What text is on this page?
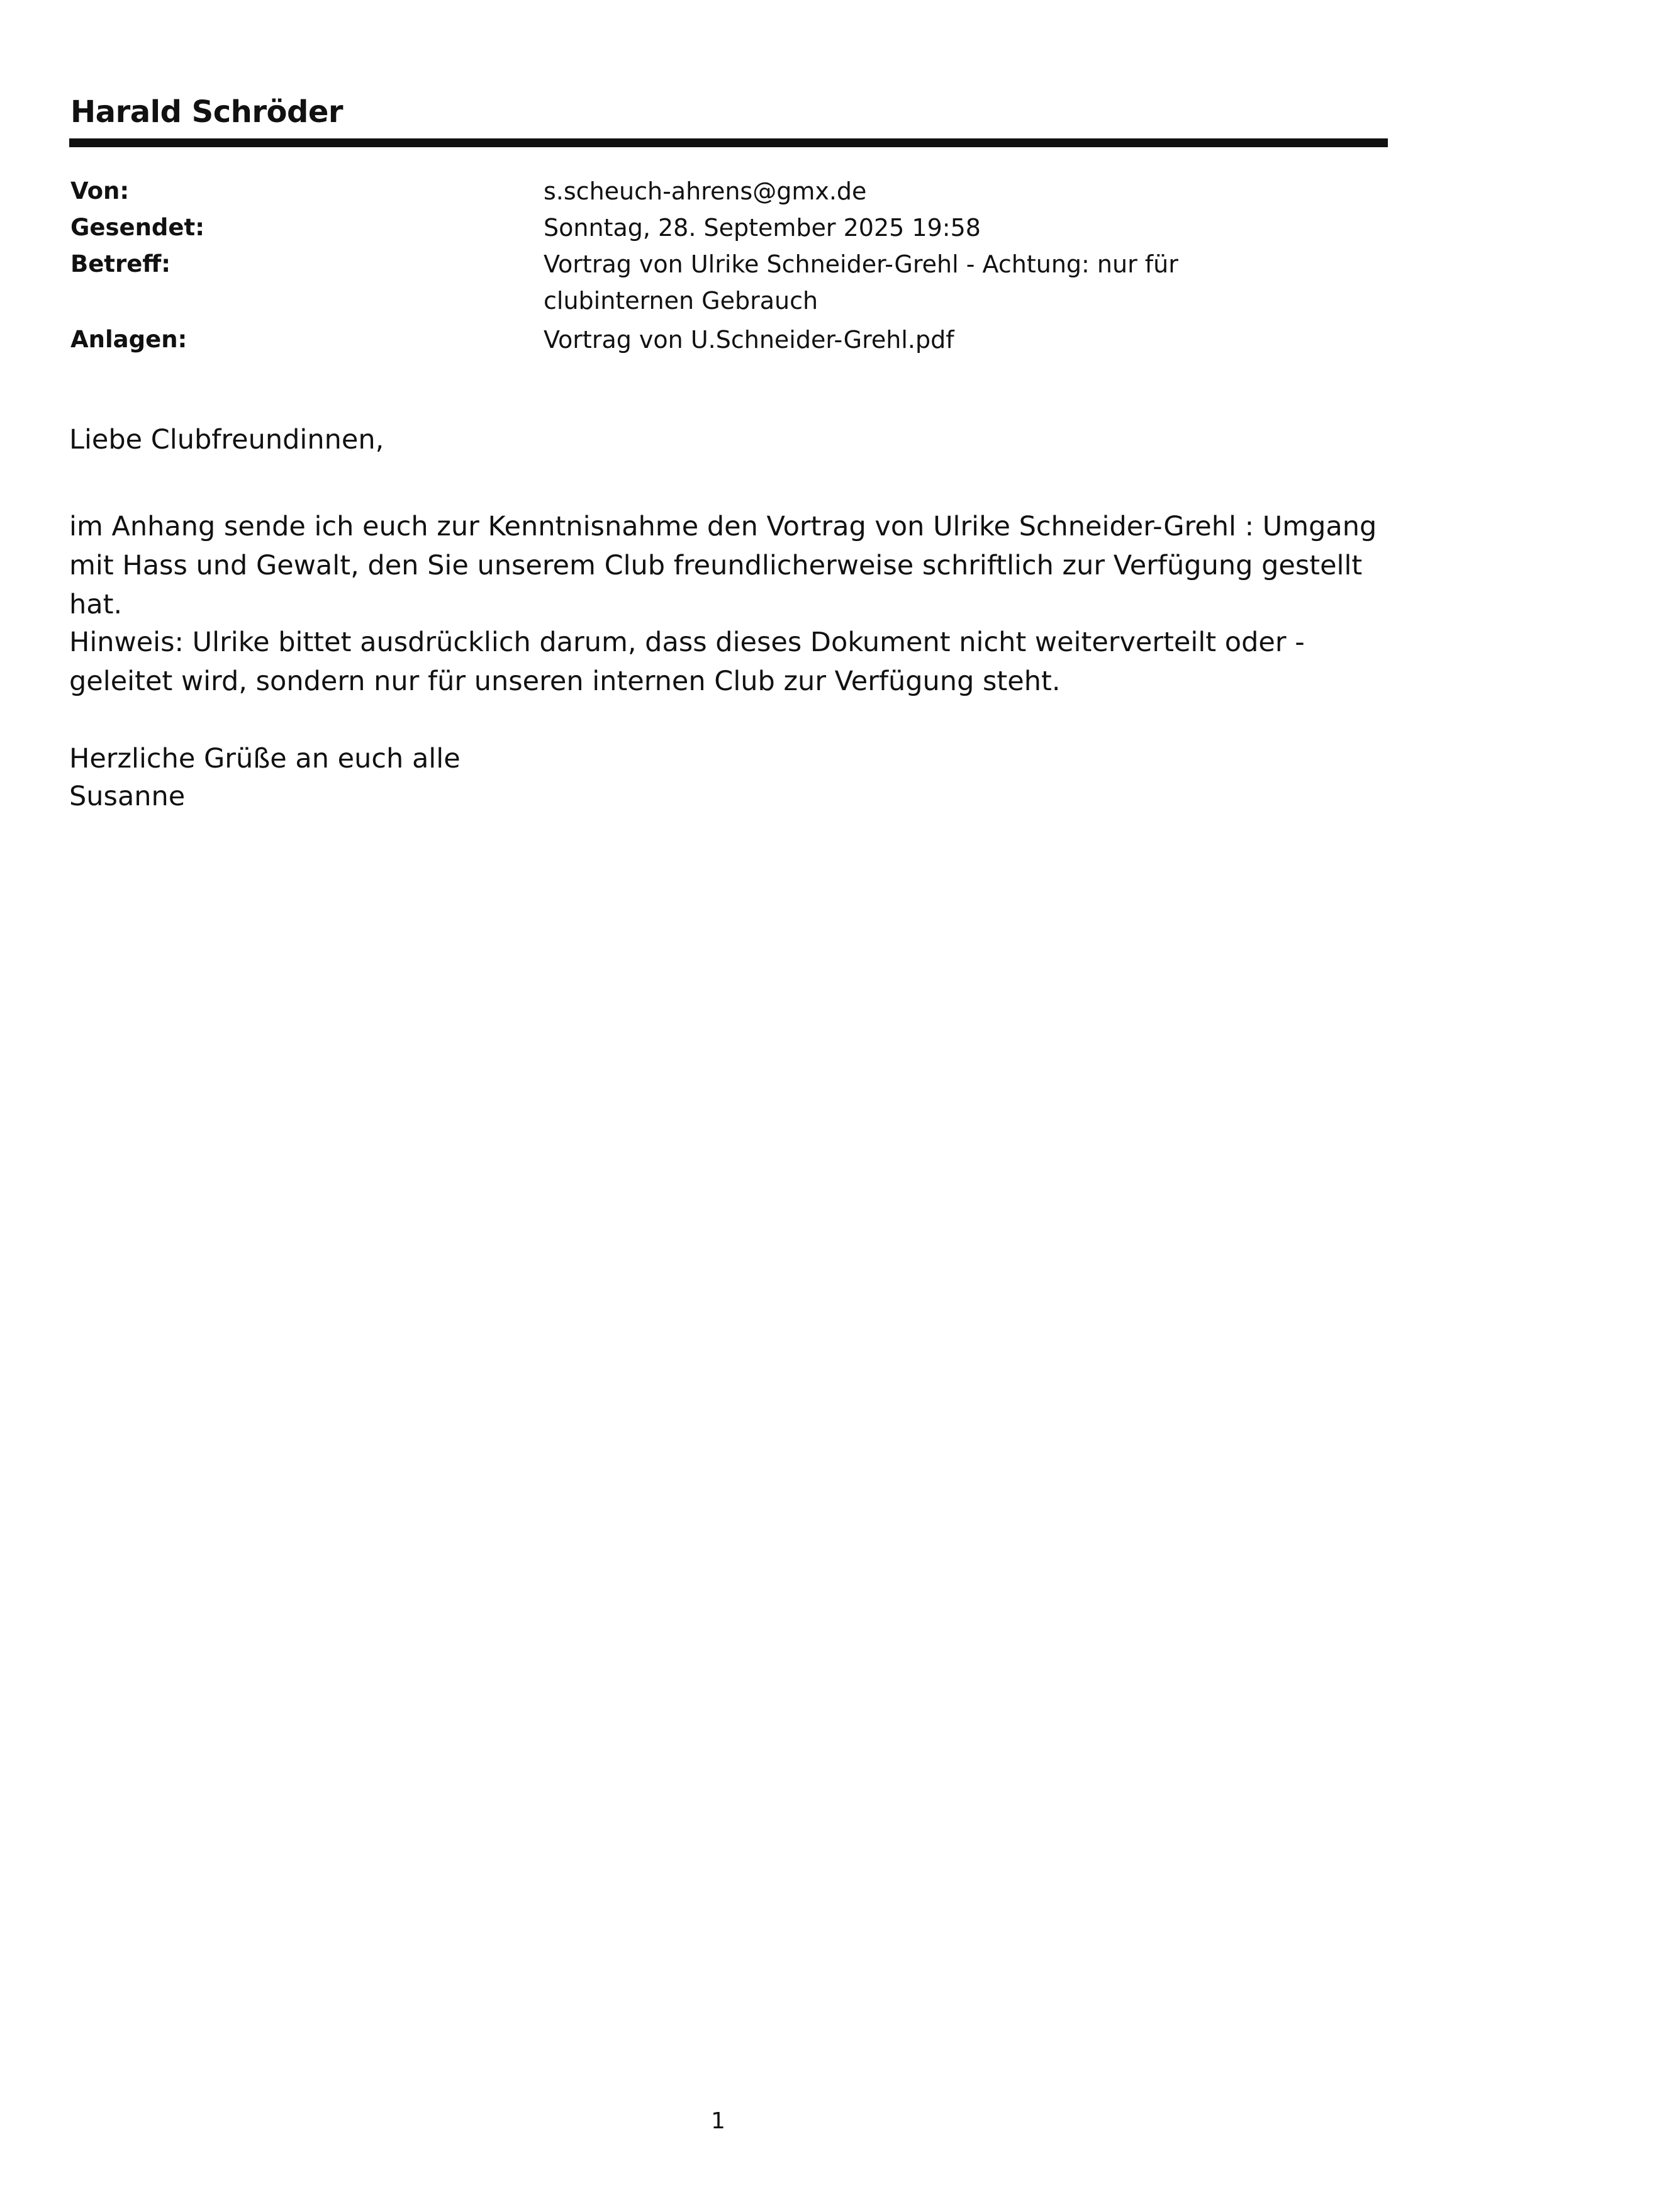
Harald Schröder
Von:	s.scheuch-ahrens@gmx.de
Gesendet:	Sonntag, 28. September 2025 19:58
Betreff:	Vortrag von Ulrike Schneider-Grehl - Achtung: nur für clubinternen Gebrauch
Anlagen:	Vortrag von U.Schneider-Grehl.pdf
Liebe Clubfreundinnen,
im Anhang sende ich euch zur Kenntnisnahme den Vortrag von Ulrike Schneider-Grehl : Umgang mit Hass und Gewalt, den Sie unserem Club freundlicherweise schriftlich zur Verfügung gestellt hat.
Hinweis: Ulrike bittet ausdrücklich darum, dass dieses Dokument nicht weiterverteilt oder - geleitet wird, sondern nur für unseren internen Club zur Verfügung steht.
Herzliche Grüße an euch alle
Susanne
1
